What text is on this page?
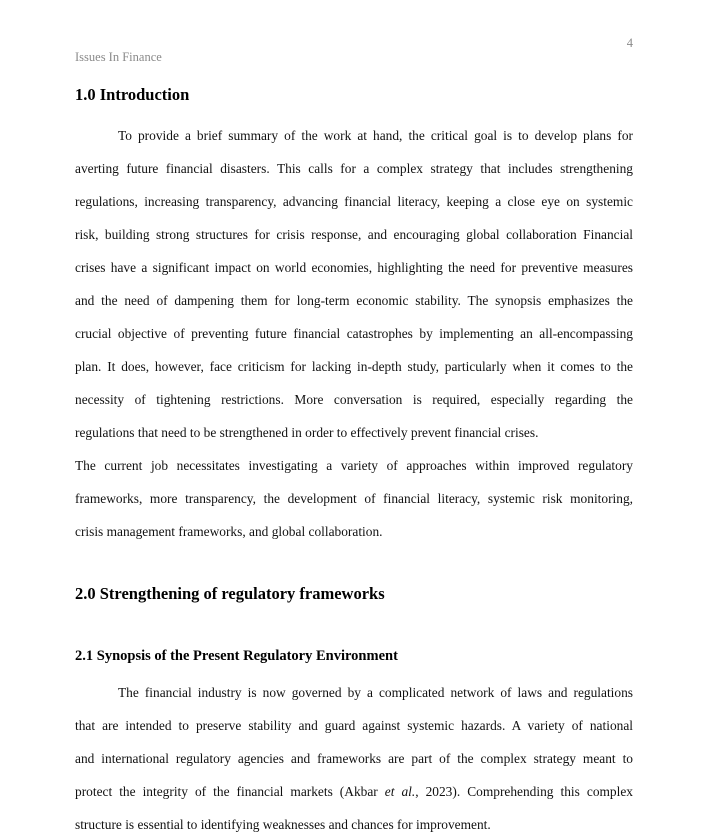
4
Issues In Finance
1.0 Introduction
To provide a brief summary of the work at hand, the critical goal is to develop plans for
averting future financial disasters. This calls for a complex strategy that includes strengthening
regulations, increasing transparency, advancing financial literacy, keeping a close eye on systemic
risk, building strong structures for crisis response, and encouraging global collaboration Financial
crises have a significant impact on world economies, highlighting the need for preventive measures
and the need of dampening them for long-term economic stability. The synopsis emphasizes the
crucial objective of preventing future financial catastrophes by implementing an all-encompassing
plan. It does, however, face criticism for lacking in-depth study, particularly when it comes to the
necessity of tightening restrictions. More conversation is required, especially regarding the
regulations that need to be strengthened in order to effectively prevent financial crises.
The current job necessitates investigating a variety of approaches within improved regulatory
frameworks, more transparency, the development of financial literacy, systemic risk monitoring,
crisis management frameworks, and global collaboration.
2.0 Strengthening of regulatory frameworks
2.1 Synopsis of the Present Regulatory Environment
The financial industry is now governed by a complicated network of laws and regulations
that are intended to preserve stability and guard against systemic hazards. A variety of national
and international regulatory agencies and frameworks are part of the complex strategy meant to
protect the integrity of the financial markets (Akbar et al., 2023). Comprehending this complex
structure is essential to identifying weaknesses and chances for improvement.
